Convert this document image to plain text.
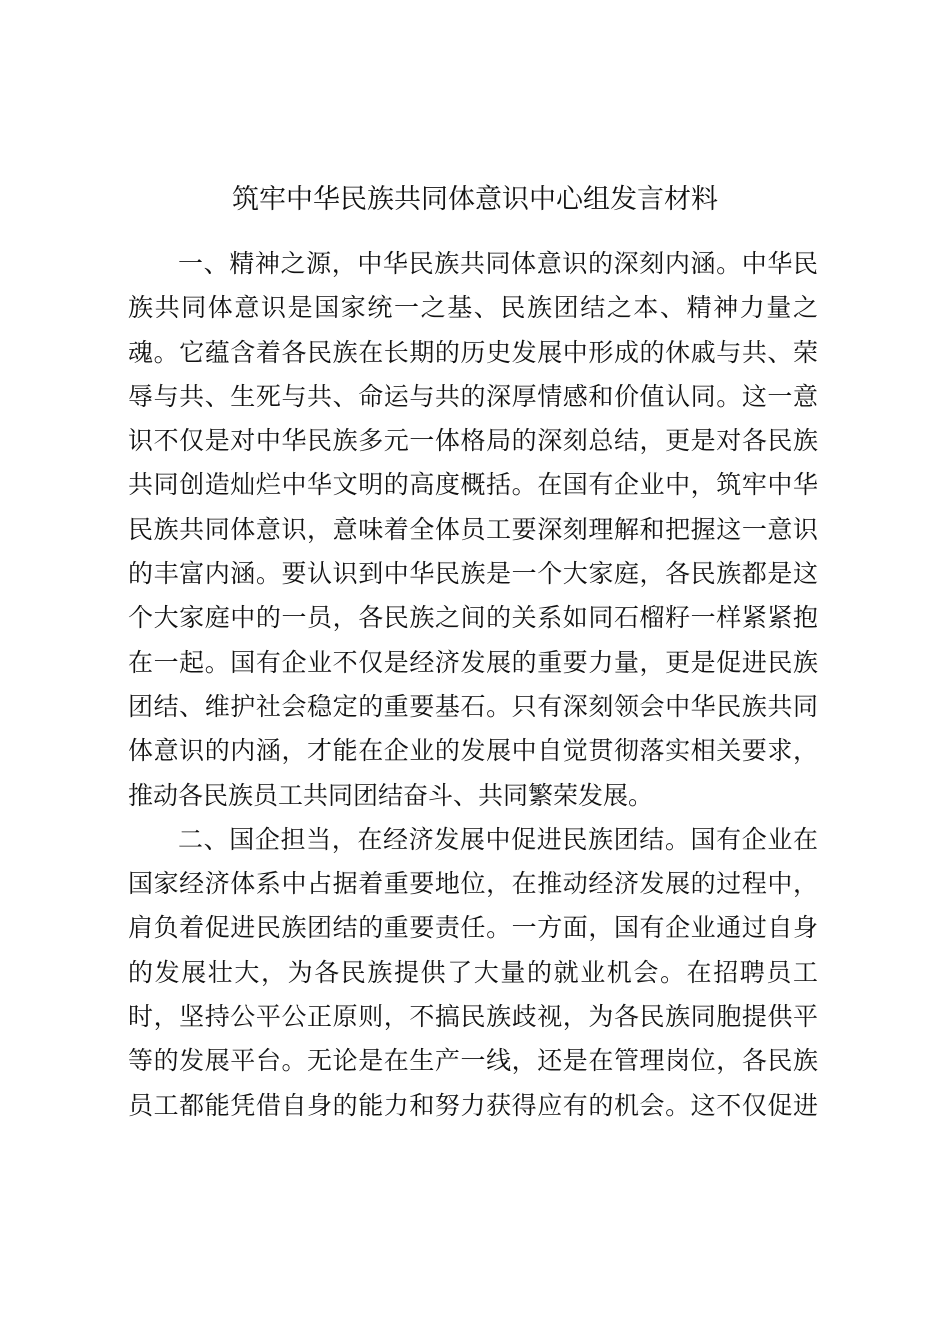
筑牢中华民族共同体意识中心组发言材料
一、精神之源，中华民族共同体意识的深刻内涵。中华民
族共同体意识是国家统一之基、民族团结之本、精神力量之
魂。它蕴含着各民族在长期的历史发展中形成的休戚与共、荣
辱与共、生死与共、命运与共的深厚情感和价值认同。这一意
识不仅是对中华民族多元一体格局的深刻总结，更是对各民族
共同创造灿烂中华文明的高度概括。在国有企业中，筑牢中华
民族共同体意识，意味着全体员工要深刻理解和把握这一意识
的丰富内涵。要认识到中华民族是一个大家庭，各民族都是这
个大家庭中的一员，各民族之间的关系如同石榴籽一样紧紧抱
在一起。国有企业不仅是经济发展的重要力量，更是促进民族
团结、维护社会稳定的重要基石。只有深刻领会中华民族共同
体意识的内涵，才能在企业的发展中自觉贯彻落实相关要求，
推动各民族员工共同团结奋斗、共同繁荣发展。
二、国企担当，在经济发展中促进民族团结。国有企业在
国家经济体系中占据着重要地位，在推动经济发展的过程中，
肩负着促进民族团结的重要责任。一方面，国有企业通过自身
的发展壮大，为各民族提供了大量的就业机会。在招聘员工
时，坚持公平公正原则，不搞民族歧视，为各民族同胞提供平
等的发展平台。无论是在生产一线，还是在管理岗位，各民族
员工都能凭借自身的能力和努力获得应有的机会。这不仅促进
